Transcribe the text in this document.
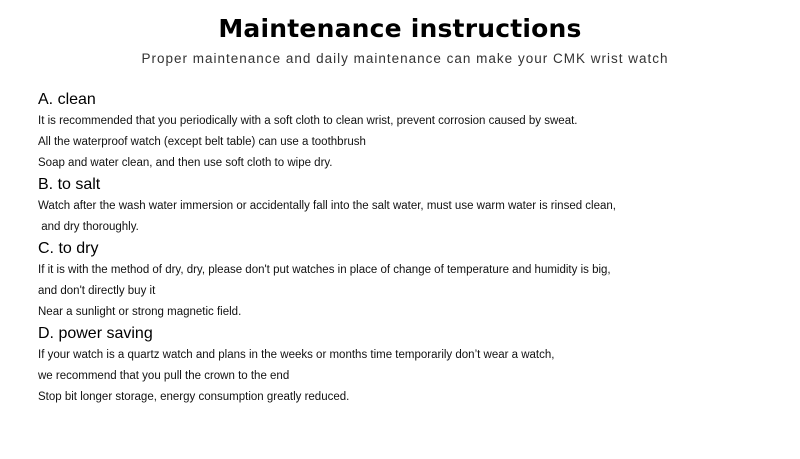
Maintenance instructions
Proper maintenance and daily maintenance can make your CMK wrist watch
A. clean
It is recommended that you periodically with a soft cloth to clean wrist, prevent corrosion caused by sweat.
All the waterproof watch (except belt table) can use a toothbrush
Soap and water clean, and then use soft cloth to wipe dry.
B. to salt
Watch after the wash water immersion or accidentally fall into the salt water, must use warm water is rinsed clean,
and dry thoroughly.
C. to dry
If it is with the method of dry, dry, please don't put watches in place of change of temperature and humidity is big,
and don't directly buy it
Near a sunlight or strong magnetic field.
D. power saving
If your watch is a quartz watch and plans in the weeks or months time temporarily don’t wear a watch,
we recommend that you pull the crown to the end
Stop bit longer storage, energy consumption greatly reduced.
